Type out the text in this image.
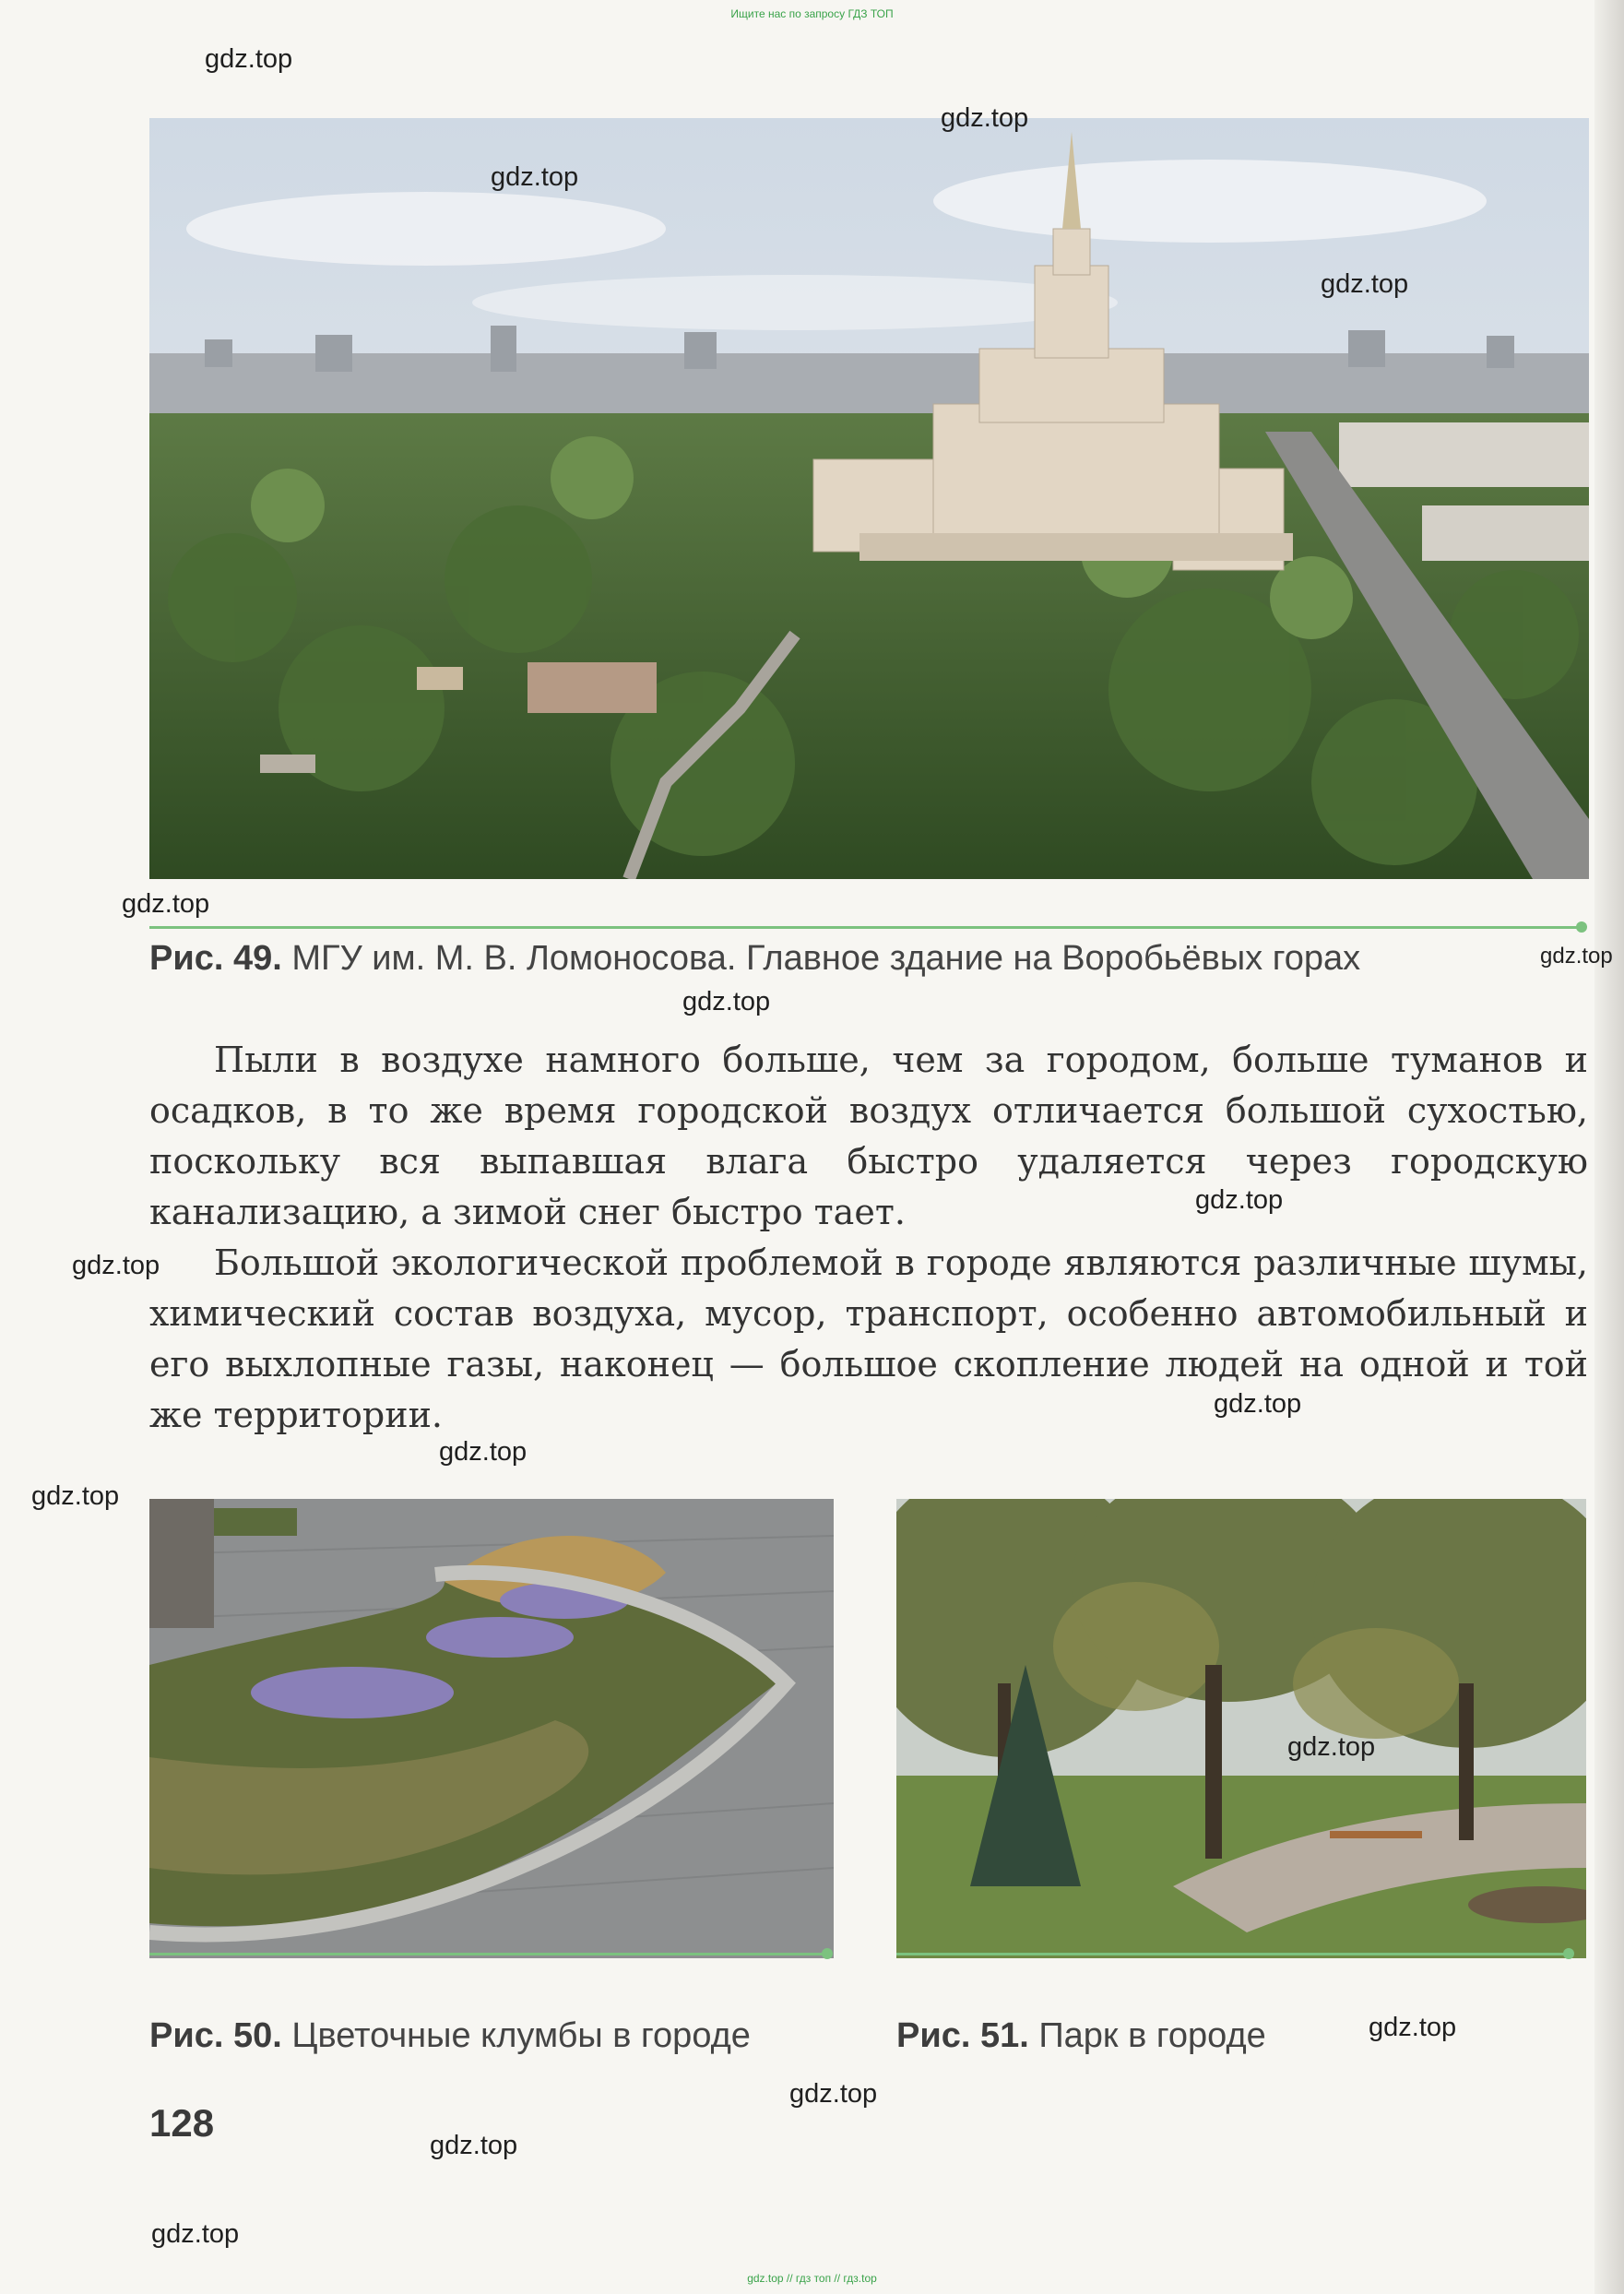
Ищите нас по запросу ГДЗ ТОП
Рис. 49. МГУ им. М. В. Ломоносова. Главное здание на Воробьёвых горах

Пыли в воздухе намного больше, чем за городом, больше туманов и осадков, в то же время городской воздух отличается большой сухостью, поскольку вся выпавшая влага быстро удаляется через городскую канализацию, а зимой снег быстро тает.

Большой экологической проблемой в городе являются различные шумы, химический состав воздуха, мусор, транспорт, особенно автомобильный и его выхлопные газы, наконец — большое скопление людей на одной и той же территории.

Рис. 50. Цветочные клумбы в городе	Рис. 51. Парк в городе
128
gdz.top
gdz.top
gdz.top
gdz.top
gdz.top
gdz.top
gdz.top
gdz.top
gdz.top
gdz.top
gdz.top
gdz.top
gdz.top
gdz.top
gdz.top
gdz.top
gdz.top
gdz.top // гдз топ // гдз.top
